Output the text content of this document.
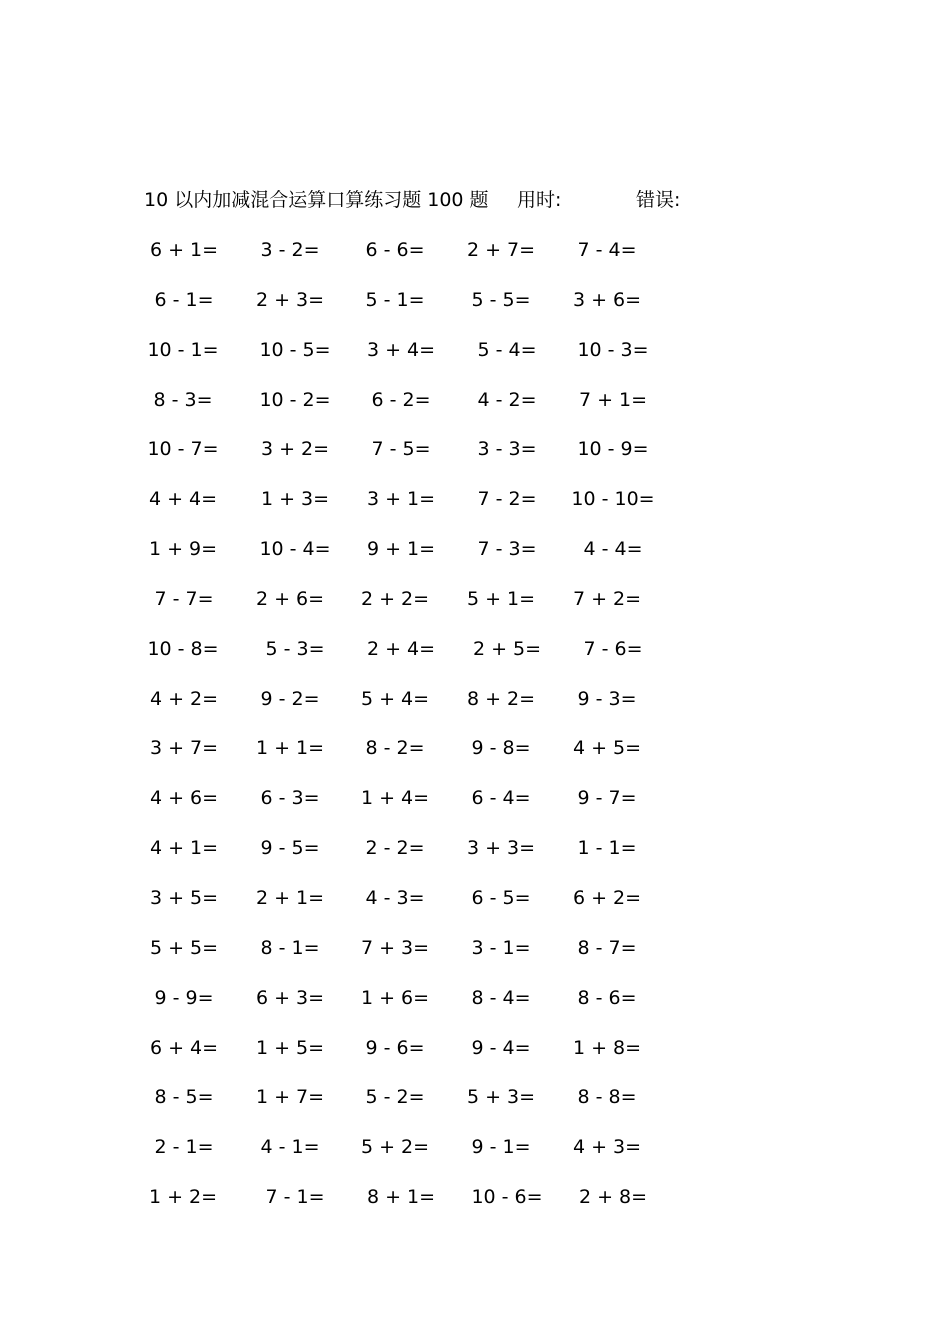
10 以内加减混合运算口算练习题 100 题 用时:	错误:
6 + 1=	3 - 2=	6 - 6=	2 + 7=	7 - 4=
6 - 1=	2 + 3=	5 - 1=	5 - 5=	3 + 6=
10 - 1=	10 - 5=	3 + 4=	5 - 4=	10 - 3=
8 - 3=	10 - 2=	6 - 2=	4 - 2=	7 + 1=
10 - 7=	3 + 2=	7 - 5=	3 - 3=	10 - 9=
4 + 4=	1 + 3=	3 + 1=	7 - 2=	10 - 10=
1 + 9=	10 - 4=	9 + 1=	7 - 3=	4 - 4=
7 - 7=	2 + 6=	2 + 2=	5 + 1=	7 + 2=
10 - 8=	5 - 3=	2 + 4=	2 + 5=	7 - 6=
4 + 2=	9 - 2=	5 + 4=	8 + 2=	9 - 3=
3 + 7=	1 + 1=	8 - 2=	9 - 8=	4 + 5=
4 + 6=	6 - 3=	1 + 4=	6 - 4=	9 - 7=
4 + 1=	9 - 5=	2 - 2=	3 + 3=	1 - 1=
3 + 5=	2 + 1=	4 - 3=	6 - 5=	6 + 2=
5 + 5=	8 - 1=	7 + 3=	3 - 1=	8 - 7=
9 - 9=	6 + 3=	1 + 6=	8 - 4=	8 - 6=
6 + 4=	1 + 5=	9 - 6=	9 - 4=	1 + 8=
8 - 5=	1 + 7=	5 - 2=	5 + 3=	8 - 8=
2 - 1=	4 - 1=	5 + 2=	9 - 1=	4 + 3=
1 + 2=	7 - 1=	8 + 1=	10 - 6=	2 + 8=
